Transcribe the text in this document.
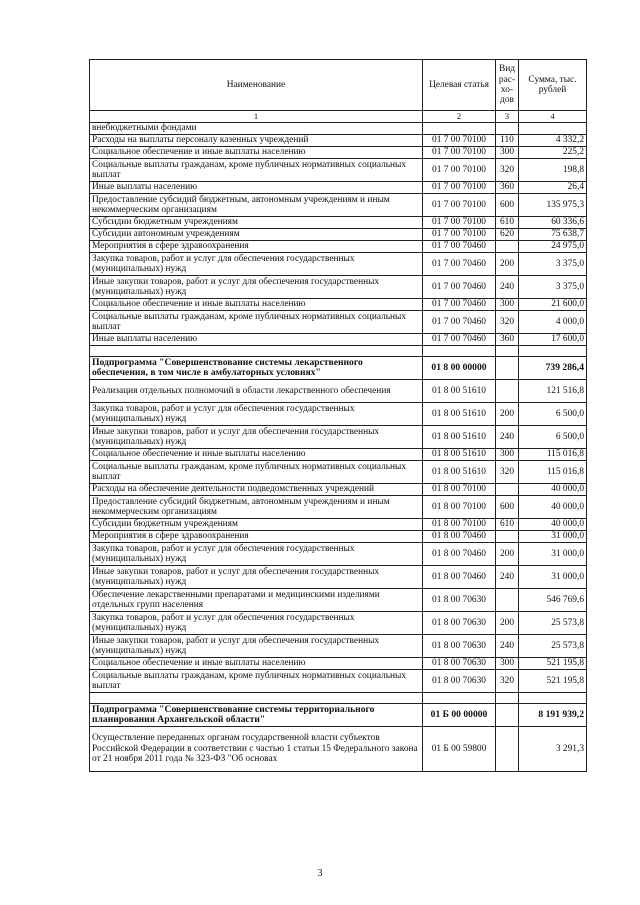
Наименование	Целевая статья	Вид рас-хо-дов	Сумма, тыс. рублей
1	2	3	4
внебюджетными фондами			
Расходы на выплаты персоналу казенных учреждений	01 7 00 70100	110	4 332,2
Социальное обеспечение и иные выплаты населению	01 7 00 70100	300	225,2
Социальные выплаты гражданам, кроме публичных нормативных социальных выплат	01 7 00 70100	320	198,8
Иные выплаты населению	01 7 00 70100	360	26,4
Предоставление субсидий бюджетным, автономным учреждениям и иным некоммерческим организациям	01 7 00 70100	600	135 975,3
Субсидии бюджетным учреждениям	01 7 00 70100	610	60 336,6
Субсидии автономным учреждениям	01 7 00 70100	620	75 638,7
Мероприятия в сфере здравоохранения	01 7 00 70460		24 975,0
Закупка товаров, работ и услуг для обеспечения государственных (муниципальных) нужд	01 7 00 70460	200	3 375,0
Иные закупки товаров, работ и услуг для обеспечения государственных (муниципальных) нужд	01 7 00 70460	240	3 375,0
Социальное обеспечение и иные выплаты населению	01 7 00 70460	300	21 600,0
Социальные выплаты гражданам, кроме публичных нормативных социальных выплат	01 7 00 70460	320	4 000,0
Иные выплаты населению	01 7 00 70460	360	17 600,0

Подпрограмма "Совершенствование системы лекарственного обеспечения, в том числе в амбулаторных условиях"	01 8 00 00000		739 286,4
Реализация отдельных полномочий в области лекарственного обеспечения	01 8 00 51610		121 516,8
Закупка товаров, работ и услуг для обеспечения государственных (муниципальных) нужд	01 8 00 51610	200	6 500,0
Иные закупки товаров, работ и услуг для обеспечения государственных (муниципальных) нужд	01 8 00 51610	240	6 500,0
Социальное обеспечение и иные выплаты населению	01 8 00 51610	300	115 016,8
Социальные выплаты гражданам, кроме публичных нормативных социальных выплат	01 8 00 51610	320	115 016,8
Расходы на обеспечение деятельности подведомственных учреждений	01 8 00 70100		40 000,0
Предоставление субсидий бюджетным, автономным учреждениям и иным некоммерческим организациям	01 8 00 70100	600	40 000,0
Субсидии бюджетным учреждениям	01 8 00 70100	610	40 000,0
Мероприятия в сфере здравоохранения	01 8 00 70460		31 000,0
Закупка товаров, работ и услуг для обеспечения государственных (муниципальных) нужд	01 8 00 70460	200	31 000,0
Иные закупки товаров, работ и услуг для обеспечения государственных (муниципальных) нужд	01 8 00 70460	240	31 000,0
Обеспечение лекарственными препаратами и медицинскими изделиями отдельных групп населения	01 8 00 70630		546 769,6
Закупка товаров, работ и услуг для обеспечения государственных (муниципальных) нужд	01 8 00 70630	200	25 573,8
Иные закупки товаров, работ и услуг для обеспечения государственных (муниципальных) нужд	01 8 00 70630	240	25 573,8
Социальное обеспечение и иные выплаты населению	01 8 00 70630	300	521 195,8
Социальные выплаты гражданам, кроме публичных нормативных социальных выплат	01 8 00 70630	320	521 195,8

Подпрограмма "Совершенствование системы территориального планирования Архангельской области"	01 Б 00 00000		8 191 939,2
Осуществление переданных органам государственной власти субъектов Российской Федерации в соответствии с частью 1 статьи 15 Федерального закона от 21 ноября 2011 года № 323-ФЗ "Об основах	01 Б 00 59800		3 291,3
3
